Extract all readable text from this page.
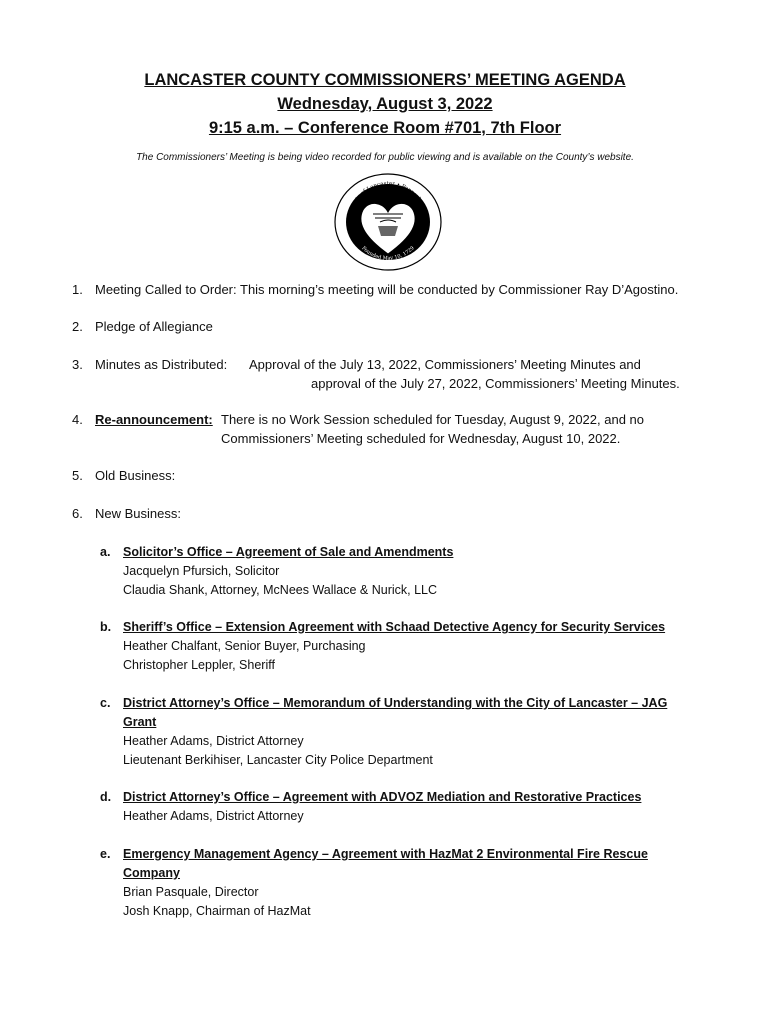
LANCASTER COUNTY COMMISSIONERS’ MEETING AGENDA
Wednesday, August 3, 2022
9:15 a.m. – Conference Room #701, 7th Floor
The Commissioners’ Meeting is being video recorded for public viewing and is available on the County’s website.
County of Lancaster • Pennsylvania
Founded May 10, 1729
1. Meeting Called to Order: This morning’s meeting will be conducted by Commissioner Ray D’Agostino.
2. Pledge of Allegiance
3. Minutes as Distributed:	Approval of the July 13, 2022, Commissioners’ Meeting Minutes and
approval of the July 27, 2022, Commissioners’ Meeting Minutes.
4. Re-announcement: There is no Work Session scheduled for Tuesday, August 9, 2022, and no
Commissioners’ Meeting scheduled for Wednesday, August 10, 2022.
5. Old Business:
6. New Business:
a. Solicitor’s Office – Agreement of Sale and Amendments
Jacquelyn Pfursich, Solicitor
Claudia Shank, Attorney, McNees Wallace & Nurick, LLC
b. Sheriff’s Office – Extension Agreement with Schaad Detective Agency for Security Services
Heather Chalfant, Senior Buyer, Purchasing
Christopher Leppler, Sheriff
c. District Attorney’s Office – Memorandum of Understanding with the City of Lancaster – JAG
Grant
Heather Adams, District Attorney
Lieutenant Berkihiser, Lancaster City Police Department
d. District Attorney’s Office – Agreement with ADVOZ Mediation and Restorative Practices
Heather Adams, District Attorney
e. Emergency Management Agency – Agreement with HazMat 2 Environmental Fire Rescue
Company
Brian Pasquale, Director
Josh Knapp, Chairman of HazMat
